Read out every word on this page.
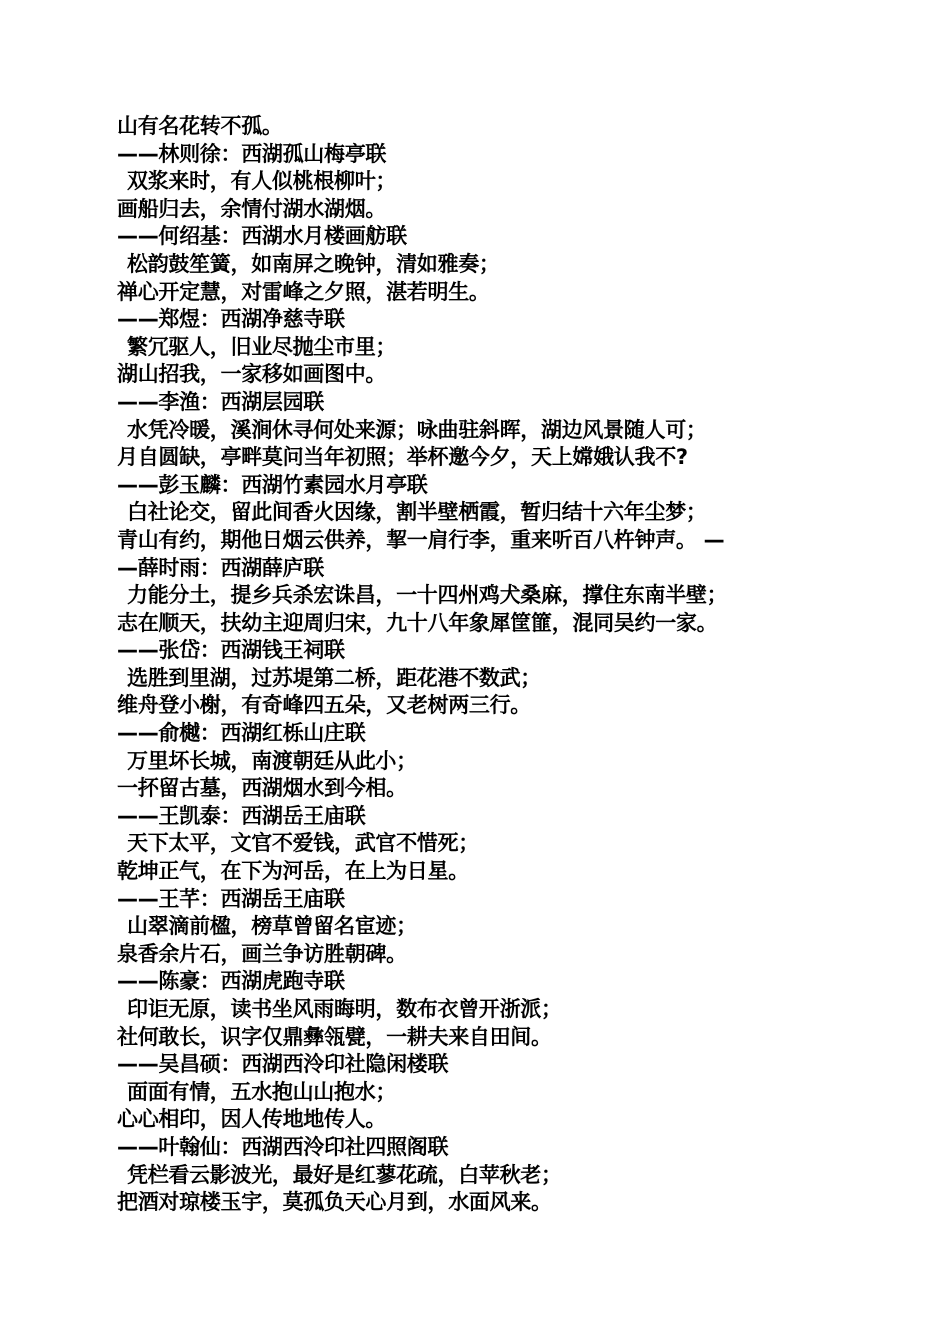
山有名花转不孤。
——林则徐：西湖孤山梅亭联
双浆来时，有人似桃根柳叶；
画船归去，余情付湖水湖烟。
——何绍基：西湖水月楼画舫联
松韵鼓笙簧，如南屏之晚钟，清如雅奏；
禅心开定慧，对雷峰之夕照，湛若明生。
——郑煜：西湖净慈寺联
繁冗驱人，旧业尽抛尘市里；
湖山招我，一家移如画图中。
——李渔：西湖层园联
水凭冷暖，溪涧休寻何处来源；咏曲驻斜晖，湖边风景随人可；
月自圆缺，亭畔莫问当年初照；举杯邀今夕，天上嫦娥认我不?
——彭玉麟：西湖竹素园水月亭联
白社论交，留此间香火因缘，割半壁栖霞，暂归结十六年尘梦；
青山有约，期他日烟云供养，挈一肩行李，重来听百八杵钟声。 —
—薛时雨：西湖薛庐联
力能分土，提乡兵杀宏诛昌，一十四州鸡犬桑麻，撑住东南半壁；
志在顺天，扶幼主迎周归宋，九十八年象犀筐篚，混同吴约一家。
——张岱：西湖钱王祠联
选胜到里湖，过苏堤第二桥，距花港不数武；
维舟登小榭，有奇峰四五朵，又老树两三行。
——俞樾：西湖红栎山庄联
万里坏长城，南渡朝廷从此小；
一抔留古墓，西湖烟水到今相。
——王凯泰：西湖岳王庙联
天下太平，文官不爱钱，武官不惜死；
乾坤正气，在下为河岳，在上为日星。
——王芊：西湖岳王庙联
山翠滴前楹，榜草曾留名宦迹；
泉香余片石，画兰争访胜朝碑。
——陈豪：西湖虎跑寺联
印讵无原，读书坐风雨晦明，数布衣曾开浙派；
社何敢长，识字仅鼎彝瓴甓，一耕夫来自田间。
——吴昌硕：西湖西泠印社隐闲楼联
面面有情，五水抱山山抱水；
心心相印，因人传地地传人。
——叶翰仙：西湖西泠印社四照阁联
凭栏看云影波光，最好是红蓼花疏，白苹秋老；
把酒对琼楼玉宇，莫孤负天心月到，水面风来。
